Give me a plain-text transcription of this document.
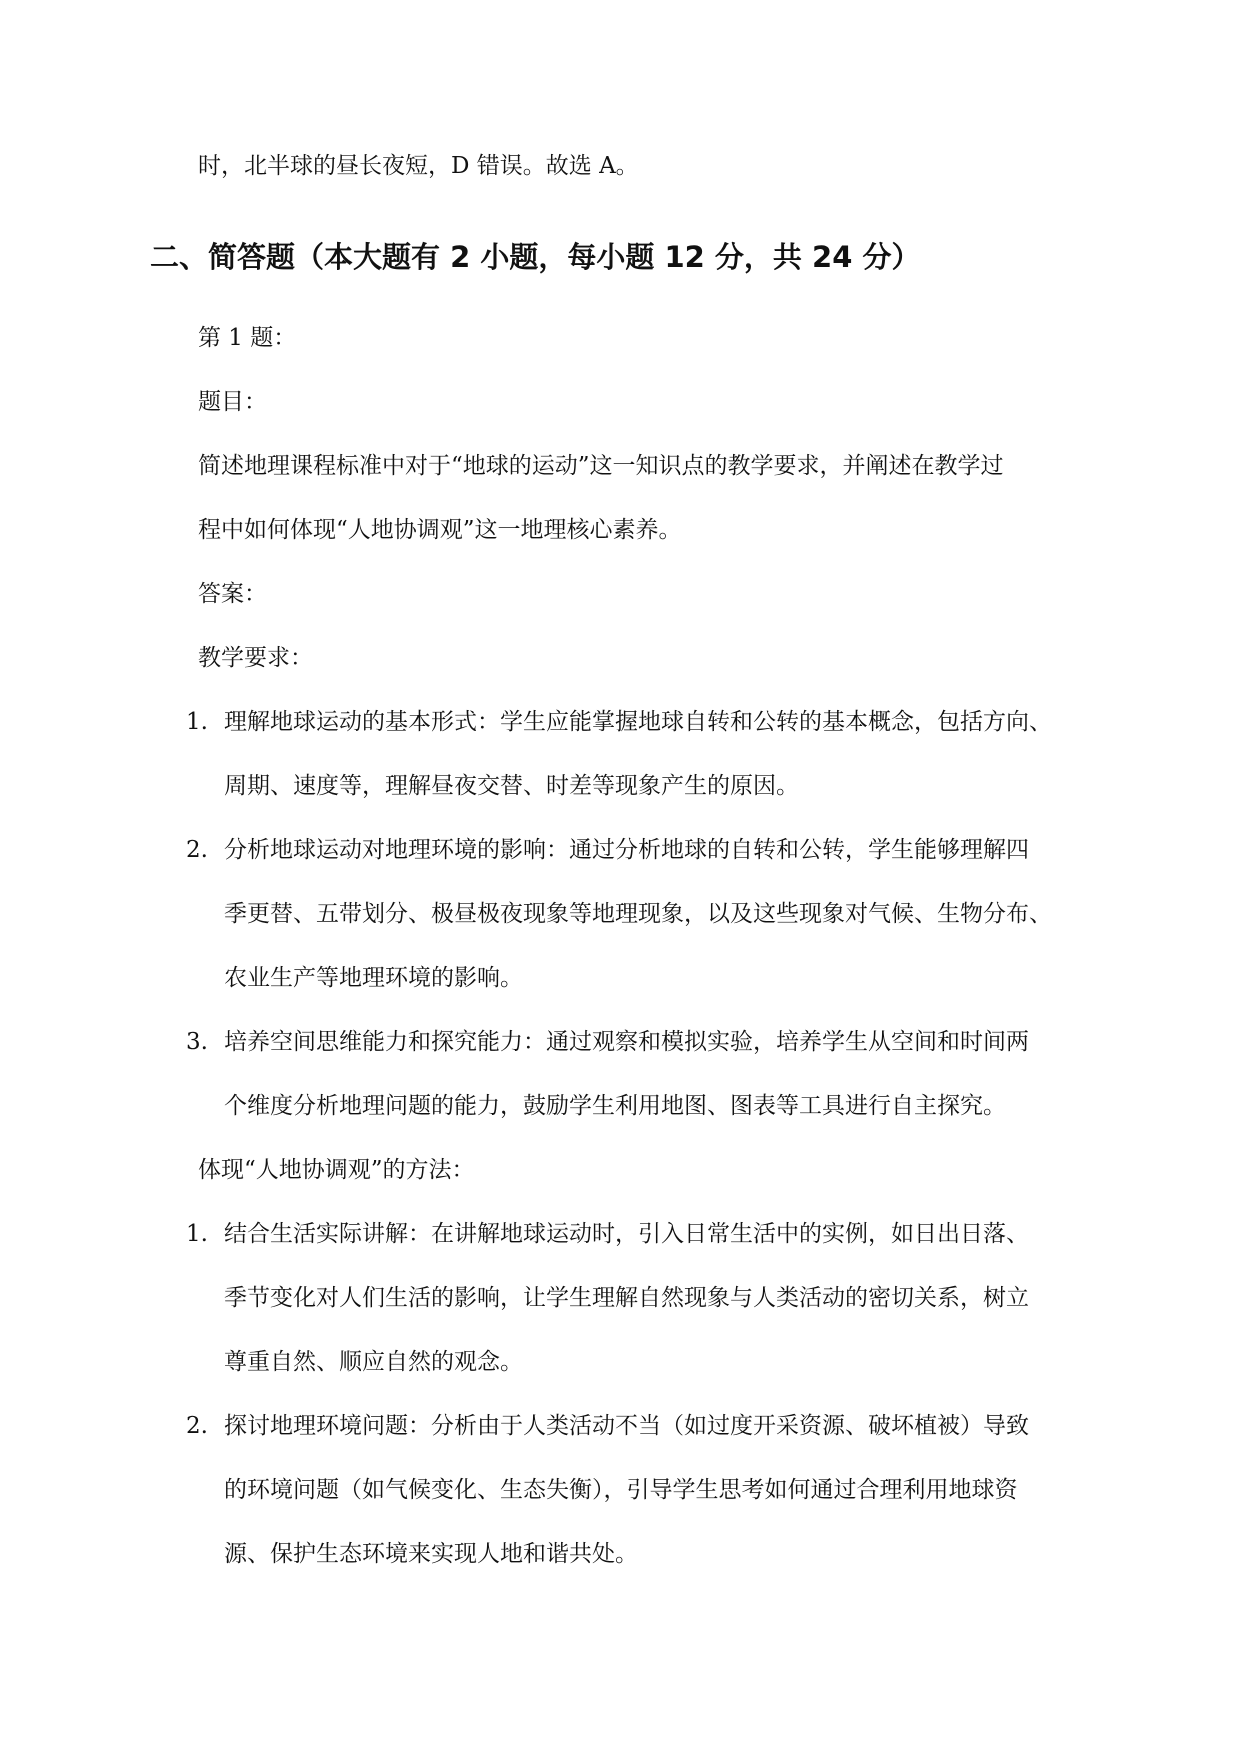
时，北半球的昼长夜短，D 错误。故选 A。
二、简答题（本大题有 2 小题，每小题 12 分，共 24 分）
第 1 题：
题目：
简述地理课程标准中对于“地球的运动”这一知识点的教学要求，并阐述在教学过
程中如何体现“人地协调观”这一地理核心素养。
答案：
教学要求：
1. 理解地球运动的基本形式：学生应能掌握地球自转和公转的基本概念，包括方向、
周期、速度等，理解昼夜交替、时差等现象产生的原因。
2. 分析地球运动对地理环境的影响：通过分析地球的自转和公转，学生能够理解四
季更替、五带划分、极昼极夜现象等地理现象，以及这些现象对气候、生物分布、
农业生产等地理环境的影响。
3. 培养空间思维能力和探究能力：通过观察和模拟实验，培养学生从空间和时间两
个维度分析地理问题的能力，鼓励学生利用地图、图表等工具进行自主探究。
体现“人地协调观”的方法：
1. 结合生活实际讲解：在讲解地球运动时，引入日常生活中的实例，如日出日落、
季节变化对人们生活的影响，让学生理解自然现象与人类活动的密切关系，树立
尊重自然、顺应自然的观念。
2. 探讨地理环境问题：分析由于人类活动不当（如过度开采资源、破坏植被）导致
的环境问题（如气候变化、生态失衡），引导学生思考如何通过合理利用地球资
源、保护生态环境来实现人地和谐共处。
